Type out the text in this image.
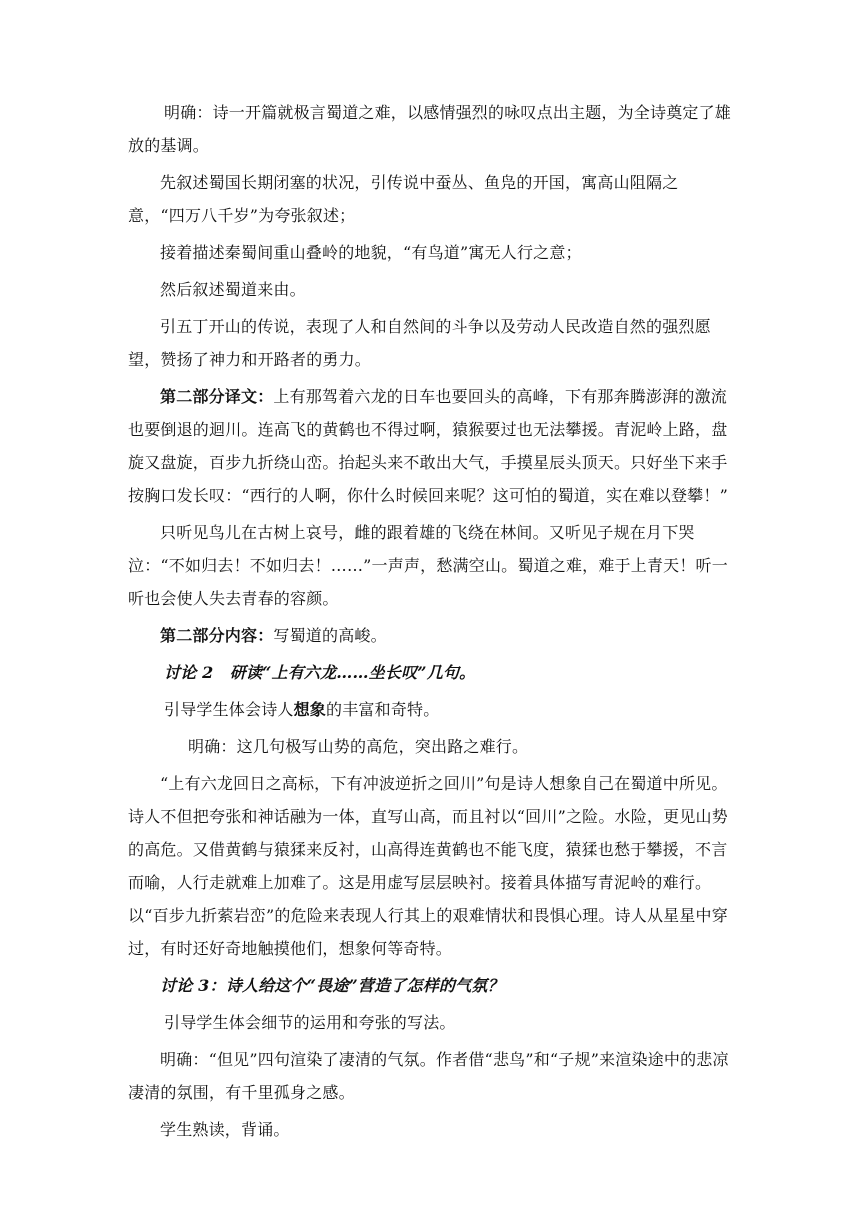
明确：诗一开篇就极言蜀道之难，以感情强烈的咏叹点出主题，为全诗奠定了雄放的基调。

先叙述蜀国长期闭塞的状况，引传说中蚕丛、鱼凫的开国，寓高山阻隔之意，“四万八千岁”为夸张叙述；

接着描述秦蜀间重山叠岭的地貌，“有鸟道”寓无人行之意；

然后叙述蜀道来由。

引五丁开山的传说，表现了人和自然间的斗争以及劳动人民改造自然的强烈愿望，赞扬了神力和开路者的勇力。

第二部分译文：上有那驾着六龙的日车也要回头的高峰，下有那奔腾澎湃的激流也要倒退的迴川。连高飞的黄鹤也不得过啊，猿猴要过也无法攀援。青泥岭上路，盘旋又盘旋，百步九折绕山峦。抬起头来不敢出大气，手摸星辰头顶天。只好坐下来手按胸口发长叹：“西行的人啊，你什么时候回来呢？这可怕的蜀道，实在难以登攀！”

只听见鸟儿在古树上哀号，雌的跟着雄的飞绕在林间。又听见子规在月下哭泣：“不如归去！不如归去！……”一声声，愁满空山。蜀道之难，难于上青天！听一听也会使人失去青春的容颜。

第二部分内容：写蜀道的高峻。

讨论 2　研读“上有六龙……坐长叹”几句。

引导学生体会诗人想象的丰富和奇特。

明确：这几句极写山势的高危，突出路之难行。

“上有六龙回日之高标，下有冲波逆折之回川”句是诗人想象自己在蜀道中所见。诗人不但把夸张和神话融为一体，直写山高，而且衬以“回川”之险。水险，更见山势的高危。又借黄鹤与猿猱来反衬，山高得连黄鹤也不能飞度，猿猱也愁于攀援，不言而喻，人行走就难上加难了。这是用虚写层层映衬。接着具体描写青泥岭的难行。以“百步九折萦岩峦”的危险来表现人行其上的艰难情状和畏惧心理。诗人从星星中穿过，有时还好奇地触摸他们，想象何等奇特。

讨论 3：诗人给这个“畏途”营造了怎样的气氛？

引导学生体会细节的运用和夸张的写法。

明确：“但见”四句渲染了凄清的气氛。作者借“悲鸟”和“子规”来渲染途中的悲凉凄清的氛围，有千里孤身之感。

学生熟读，背诵。
